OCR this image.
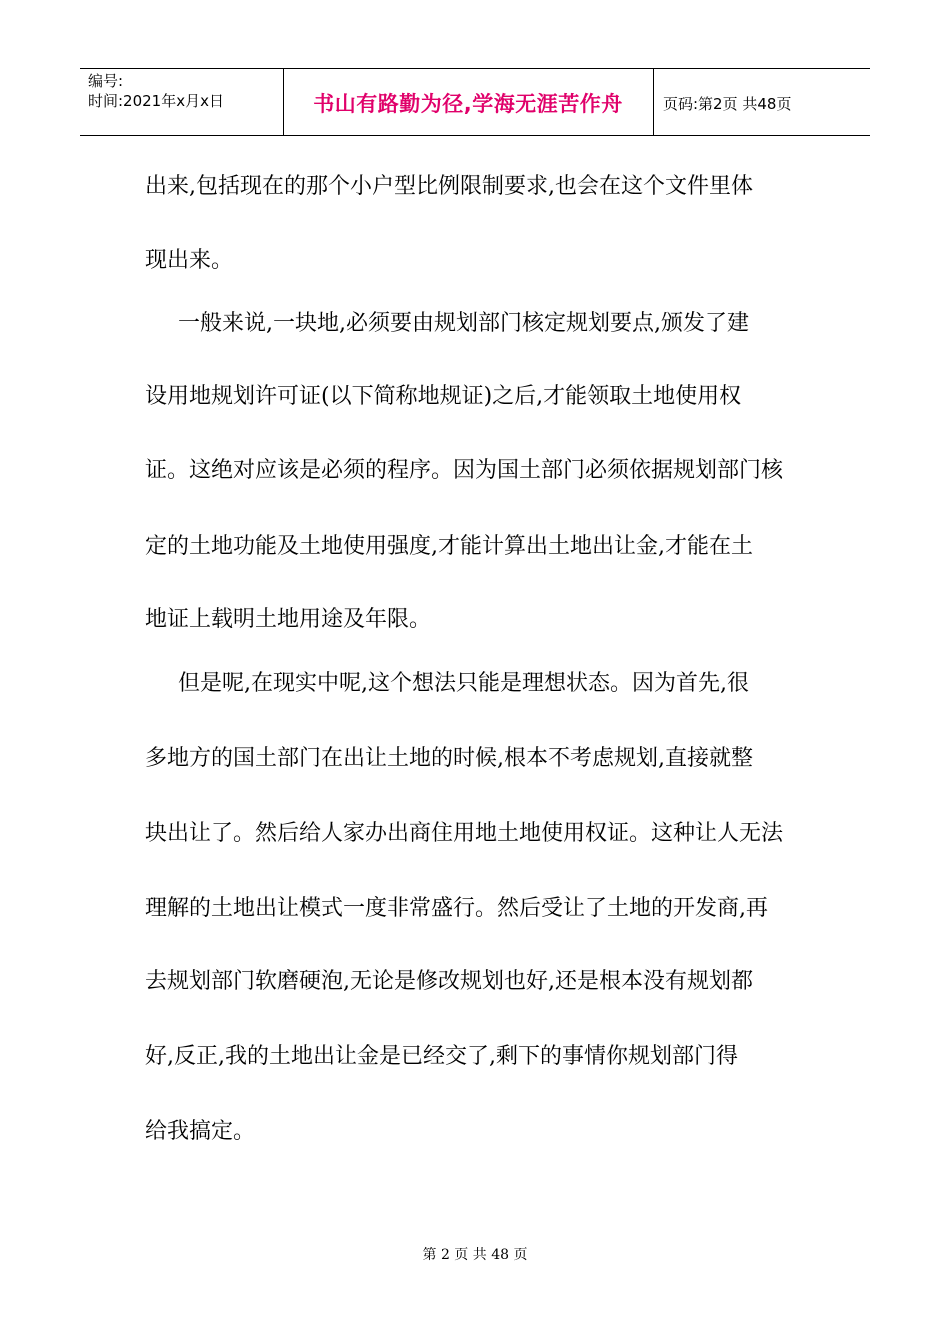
编号:
时间:2021年x月x日	书山有路勤为径,学海无涯苦作舟	页码:第2页 共48页
出来,包括现在的那个小户型比例限制要求,也会在这个文件里体
现出来。
一般来说,一块地,必须要由规划部门核定规划要点,颁发了建
设用地规划许可证(以下简称地规证)之后,才能领取土地使用权
证。这绝对应该是必须的程序。因为国土部门必须依据规划部门核
定的土地功能及土地使用强度,才能计算出土地出让金,才能在土
地证上载明土地用途及年限。
但是呢,在现实中呢,这个想法只能是理想状态。因为首先,很
多地方的国土部门在出让土地的时候,根本不考虑规划,直接就整
块出让了。然后给人家办出商住用地土地使用权证。这种让人无法
理解的土地出让模式一度非常盛行。然后受让了土地的开发商,再
去规划部门软磨硬泡,无论是修改规划也好,还是根本没有规划都
好,反正,我的土地出让金是已经交了,剩下的事情你规划部门得
给我搞定。
第 2 页 共 48 页
